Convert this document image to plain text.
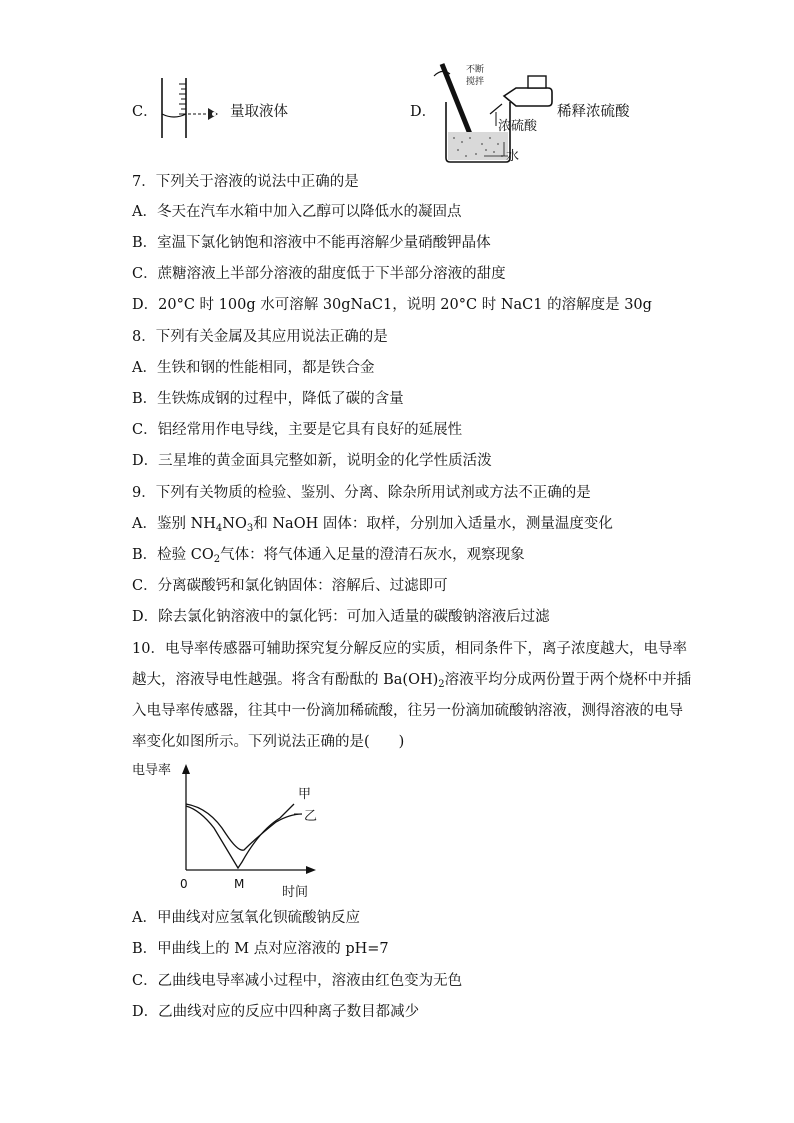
C．	量取液体	D．
不断
搅拌
浓硫酸
水
稀释浓硫酸
7．下列关于溶液的说法中正确的是
A．冬天在汽车水箱中加入乙醇可以降低水的凝固点
B．室温下氯化钠饱和溶液中不能再溶解少量硝酸钾晶体
C．蔗糖溶液上半部分溶液的甜度低于下半部分溶液的甜度
D．20°C 时 100g 水可溶解 30gNaC1，说明 20°C 时 NaC1 的溶解度是 30g
8．下列有关金属及其应用说法正确的是
A．生铁和钢的性能相同，都是铁合金
B．生铁炼成钢的过程中，降低了碳的含量
C．铝经常用作电导线，主要是它具有良好的延展性
D．三星堆的黄金面具完整如新，说明金的化学性质活泼
9．下列有关物质的检验、鉴别、分离、除杂所用试剂或方法不正确的是
A．鉴别 $NH_4NO_3$和 NaOH 固体：取样，分别加入适量水，测量温度变化
B．检验 $CO_2$气体：将气体通入足量的澄清石灰水，观察现象
C．分离碳酸钙和氯化钠固体：溶解后、过滤即可
D．除去氯化钠溶液中的氯化钙：可加入适量的碳酸钠溶液后过滤
10．电导率传感器可辅助探究复分解反应的实质，相同条件下，离子浓度越大，电导率
越大，溶液导电性越强。将含有酚酞的 $Ba(OH)_2$溶液平均分成两份置于两个烧杯中并插
入电导率传感器，往其中一份滴加稀硫酸，往另一份滴加硫酸钠溶液，测得溶液的电导
率变化如图所示。下列说法正确的是(　　)
电导率
甲
乙
0	M
时间
A．甲曲线对应氢氧化钡硫酸钠反应
B．甲曲线上的 M 点对应溶液的 pH=7
C．乙曲线电导率减小过程中，溶液由红色变为无色
D．乙曲线对应的反应中四种离子数目都减少
